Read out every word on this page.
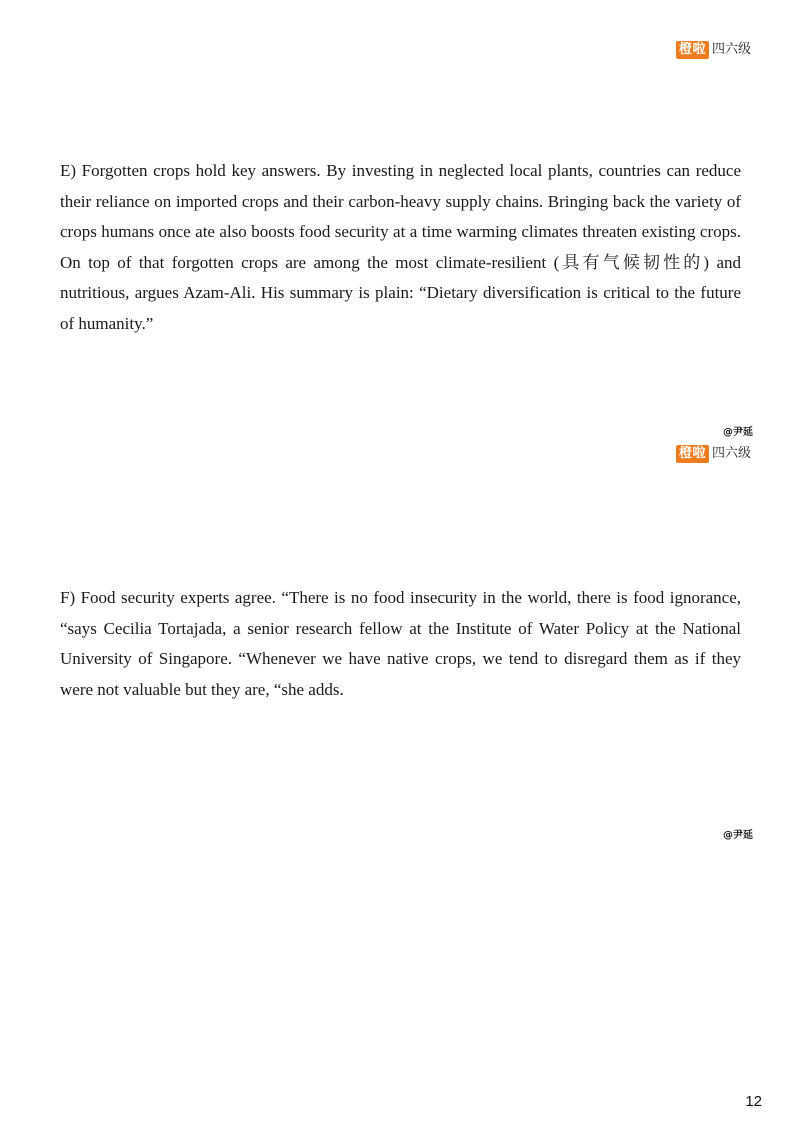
橙啦 四六级

E) Forgotten crops hold key answers. By investing in neglected local plants, countries can reduce their reliance on imported crops and their carbon-heavy supply chains. Bringing back the variety of crops humans once ate also boosts food security at a time warming climates threaten existing crops. On top of that forgotten crops are among the most climate-resilient (具有气候韧性的) and nutritious, argues Azam-Ali. His summary is plain: “Dietary diversification is critical to the future of humanity.”

@尹延
橙啦 四六级

F) Food security experts agree. “There is no food insecurity in the world, there is food ignorance, “says Cecilia Tortajada, a senior research fellow at the Institute of Water Policy at the National University of Singapore. “Whenever we have native crops, we tend to disregard them as if they were not valuable but they are, “she adds.

@尹延
12
